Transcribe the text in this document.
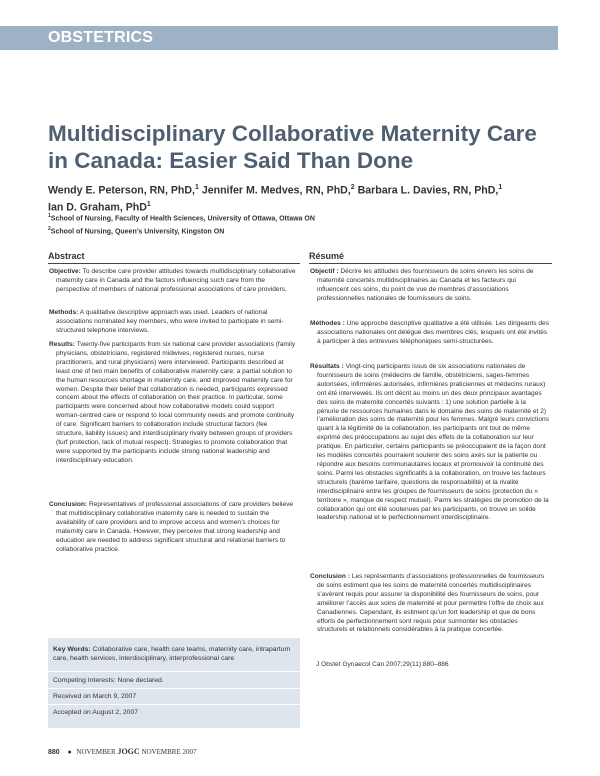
OBSTETRICS
Multidisciplinary Collaborative Maternity Care
in Canada: Easier Said Than Done
Wendy E. Peterson, RN, PhD,$^1$ Jennifer M. Medves, RN, PhD,$^2$ Barbara L. Davies, RN, PhD,$^1$
Ian D. Graham, PhD$^1$
$^1$School of Nursing, Faculty of Health Sciences, University of Ottawa, Ottawa ON
$^2$School of Nursing, Queen’s University, Kingston ON
Abstract
Objective: To describe care provider attitudes towards multidisciplinary collaborative maternity care in Canada and the factors influencing such care from the perspective of members of national professional associations of care providers.
Methods: A qualitative descriptive approach was used. Leaders of national associations nominated key members, who were invited to participate in semi-structured telephone interviews.
Results: Twenty-five participants from six national care provider associations (family physicians, obstetricians, registered midwives, registered nurses, nurse practitioners, and rural physicians) were interviewed. Participants described at least one of two main benefits of collaborative maternity care: a partial solution to the human resources shortage in maternity care, and improved maternity care for women. Despite their belief that collaboration is needed, participants expressed concern about the effects of collaboration on their practice. In particular, some participants were concerned about how collaborative models could support woman-centred care or respond to local community needs and promote continuity of care. Significant barriers to collaboration include structural factors (fee structure, liability issues) and interdisciplinary rivalry between groups of providers (turf protection, lack of mutual respect). Strategies to promote collaboration that were supported by the participants include strong national leadership and interdisciplinary education.
Conclusion: Representatives of professional associations of care providers believe that multidisciplinary collaborative maternity care is needed to sustain the availability of care providers and to improve access and women’s choices for maternity care in Canada. However, they perceive that strong leadership and education are needed to address significant structural and relational barriers to collaborative practice.
Key Words: Collaborative care, health care teams, maternity care, intrapartum care, health services, interdisciplinary, interprofessional care
Competing Interests: None declared.
Received on March 9, 2007
Accepted on August 2, 2007
Résumé
Objectif : Décrire les attitudes des fournisseurs de soins envers les soins de maternité concertés multidisciplinaires au Canada et les facteurs qui influencent ces soins, du point de vue de membres d’associations professionnelles nationales de fournisseurs de soins.
Méthodes : Une approche descriptive qualitative a été utilisée. Les dirigeants des associations nationales ont délégué des membres clés, lesquels ont été invités à participer à des entrevues téléphoniques semi-structurées.
Résultats : Vingt-cinq participants issus de six associations nationales de fournisseurs de soins (médecins de famille, obstétriciens, sages-femmes autorisées, infirmières autorisées, infirmières praticiennes et médecins ruraux) ont été interviewés. Ils ont décrit au moins un des deux principaux avantages des soins de maternité concertés suivants : 1) une solution partielle à la pénurie de ressources humaines dans le domaine des soins de maternité et 2) l’amélioration des soins de maternité pour les femmes. Malgré leurs convictions quant à la légitimité de la collaboration, les participants ont tout de même exprimé des préoccupations au sujet des effets de la collaboration sur leur pratique. En particulier, certains participants se préoccupaient de la façon dont les modèles concertés pourraient soutenir des soins axés sur la patiente ou répondre aux besoins communautaires locaux et promouvoir la continuité des soins. Parmi les obstacles significatifs à la collaboration, on trouve les facteurs structurels (barème tarifaire, questions de responsabilité) et la rivalité interdisciplinaire entre les groupes de fournisseurs de soins (protection du « territoire », manque de respect mutuel). Parmi les stratégies de promotion de la collaboration qui ont été soutenues par les participants, on trouve un solide leadership national et le perfectionnement interdisciplinaire.
Conclusion : Les représentants d’associations professionnelles de fournisseurs de soins estiment que les soins de maternité concertés multidisciplinaires s’avèrent requis pour assurer la disponibilité des fournisseurs de soins, pour améliorer l’accès aux soins de maternité et pour permettre l’offre de choix aux Canadiennes. Cependant, ils estiment qu’un fort leadership et que de bons efforts de perfectionnement sont requis pour surmonter les obstacles structurels et relationnels considérables à la pratique concertée.
J Obstet Gynaecol Can 2007;29(11):880–886
880 ● NOVEMBER JOGC NOVEMBRE 2007
